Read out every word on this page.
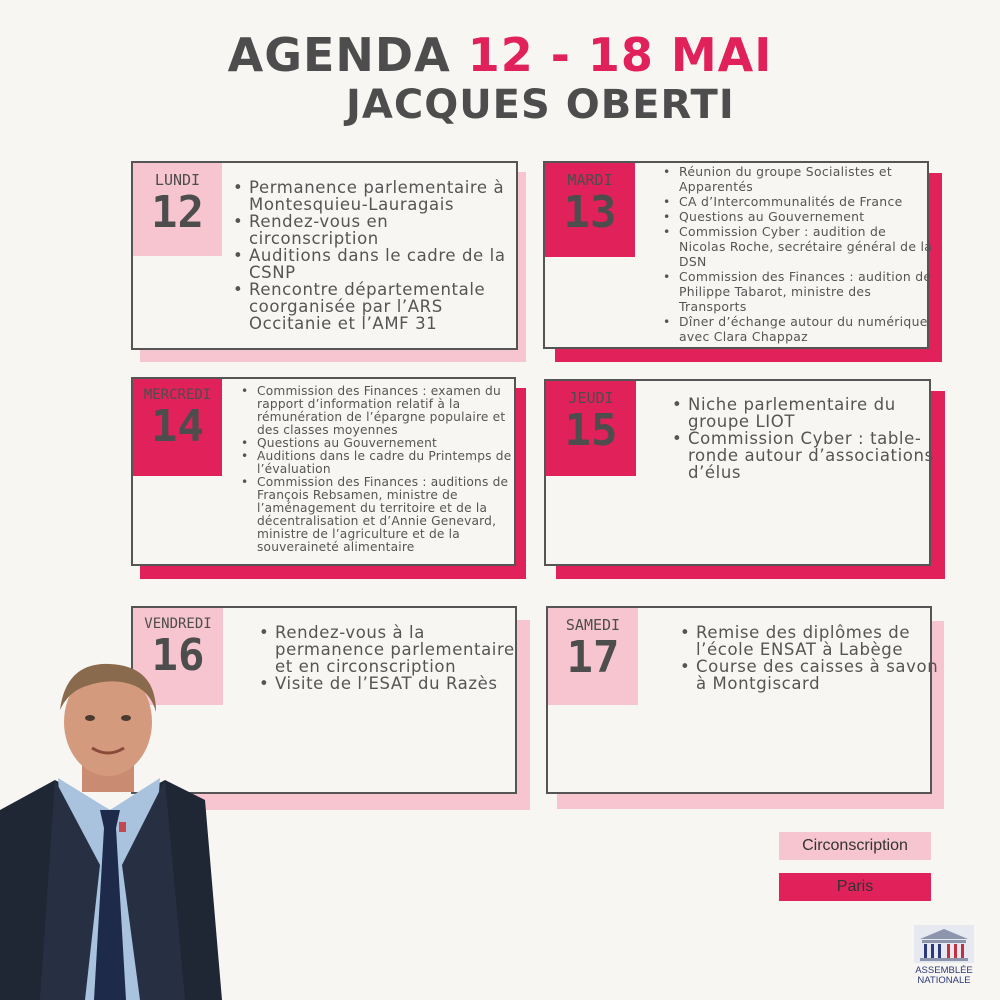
AGENDA 12 - 18 MAI
JACQUES OBERTI
LUNDI
12	• Permanence parlementaire à Montesquieu-Lauragais
• Rendez-vous en circonscription
• Auditions dans le cadre de la CSNP
• Rencontre départementale coorganisée par l’ARS Occitanie et l’AMF 31
MARDI
13
• Réunion du groupe Socialistes et Apparentés
• CA d’Intercommunalités de France
• Questions au Gouvernement
• Commission Cyber : audition de Nicolas Roche, secrétaire général de la DSN
• Commission des Finances : audition de Philippe Tabarot, ministre des Transports
• Dîner d’échange autour du numérique avec Clara Chappaz
MERCREDI
14
• Commission des Finances : examen du rapport d’information relatif à la rémunération de l’épargne populaire et des classes moyennes
• Questions au Gouvernement
• Auditions dans le cadre du Printemps de l’évaluation
• Commission des Finances : auditions de François Rebsamen, ministre de l’aménagement du territoire et de la décentralisation et d’Annie Genevard, ministre de l’agriculture et de la souveraineté alimentaire
JEUDI
15
• Niche parlementaire du groupe LIOT
• Commission Cyber : table-ronde autour d’associations d’élus
VENDREDI
16	• Rendez-vous à la permanence parlementaire et en circonscription
• Visite de l’ESAT du Razès
SAMEDI
17	• Remise des diplômes de l’école ENSAT à Labège
• Course des caisses à savon à Montgiscard
Circonscription
Paris
ASSEMBLÉE
NATIONALE
